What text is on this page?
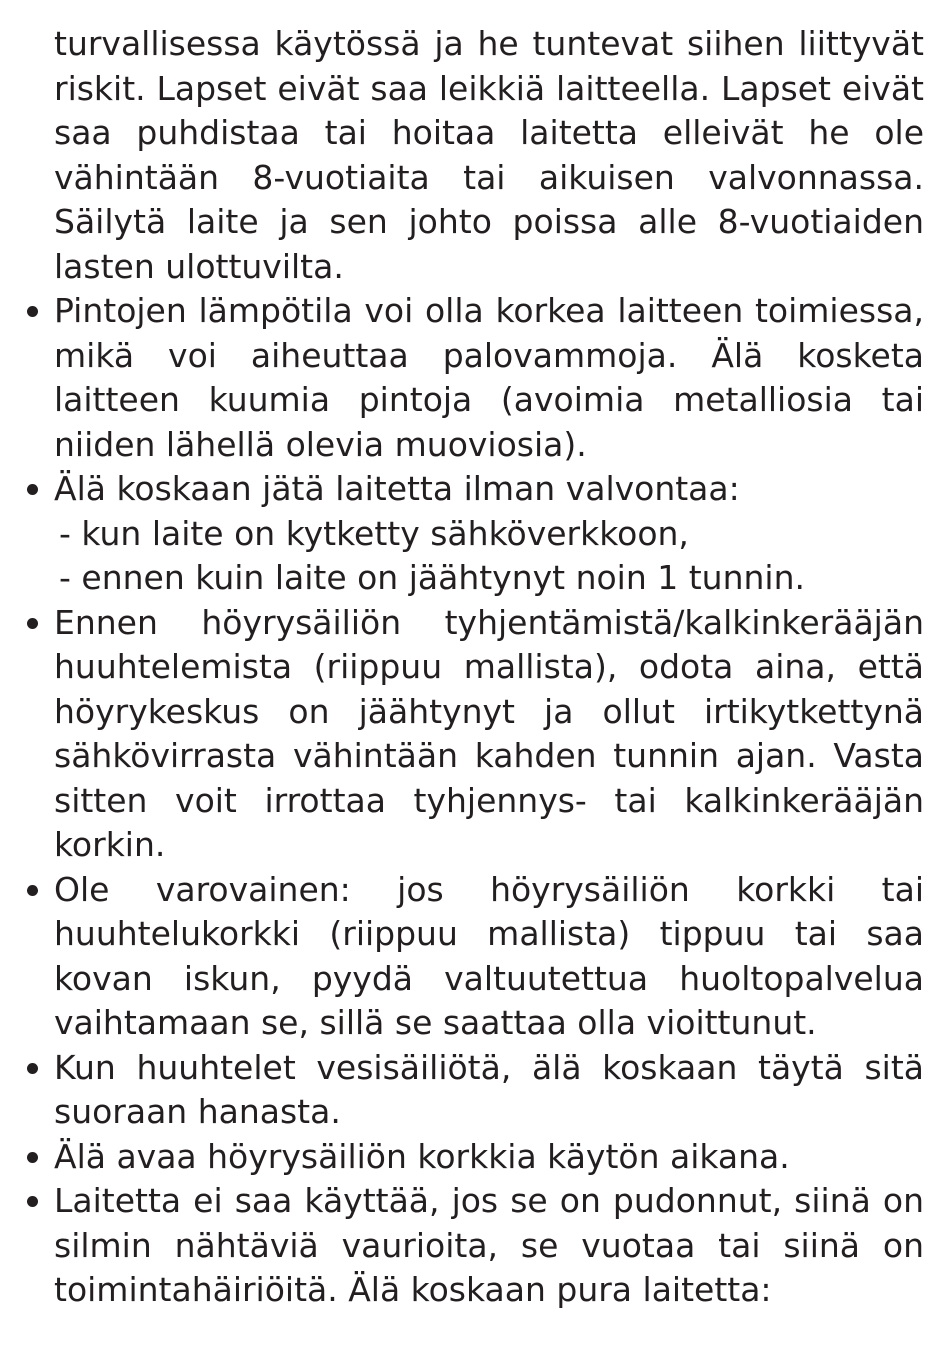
turvallisessa käytössä ja he tuntevat siihen liittyvät riskit. Lapset eivät saa leikkiä laitteella. Lapset eivät saa puhdistaa tai hoitaa laitetta elleivät he ole vähintään 8-vuotiaita tai aikuisen valvonnassa. Säilytä laite ja sen johto poissa alle 8-vuotiaiden lasten ulottuvilta.
Pintojen lämpötila voi olla korkea laitteen toimiessa, mikä voi aiheuttaa palovammoja. Älä kosketa laitteen kuumia pintoja (avoimia metalliosia tai niiden lähellä olevia muoviosia).
Älä koskaan jätä laitetta ilman valvontaa:
- kun laite on kytketty sähköverkkoon,
- ennen kuin laite on jäähtynyt noin 1 tunnin.
Ennen höyrysäiliön tyhjentämistä/kalkinkerääjän huuhtelemista (riippuu mallista), odota aina, että höyrykeskus on jäähtynyt ja ollut irtikytkettynä sähkövirrasta vähintään kahden tunnin ajan. Vasta sitten voit irrottaa tyhjennys- tai kalkinkerääjän korkin.
Ole varovainen: jos höyrysäiliön korkki tai huuhtelukorkki (riippuu mallista) tippuu tai saa kovan iskun, pyydä valtuutettua huoltopalvelua vaihtamaan se, sillä se saattaa olla vioittunut.
Kun huuhtelet vesisäiliötä, älä koskaan täytä sitä suoraan hanasta.
Älä avaa höyrysäiliön korkkia käytön aikana.
Laitetta ei saa käyttää, jos se on pudonnut, siinä on silmin nähtäviä vaurioita, se vuotaa tai siinä on toimintahäiriöitä. Älä koskaan pura laitetta:
